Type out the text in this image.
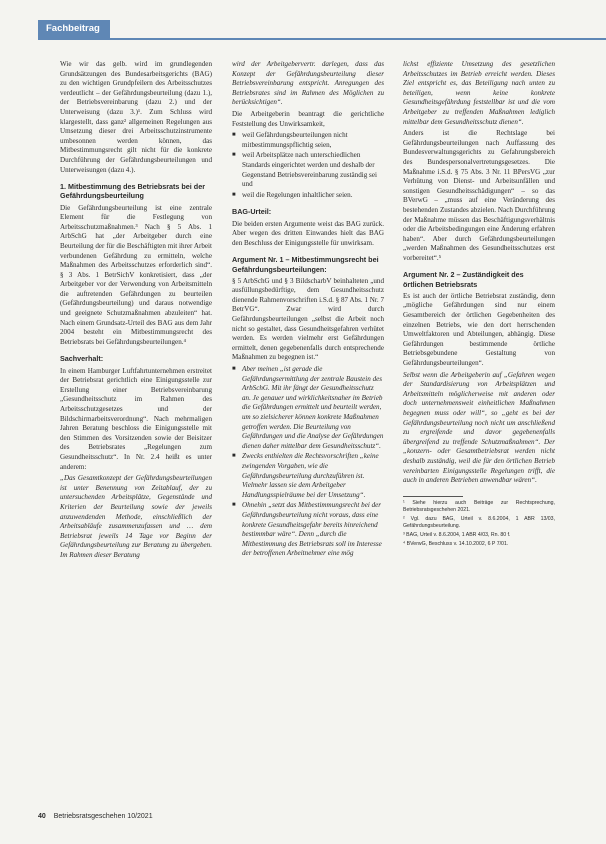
Fachbeitrag

Wie wir das gelb. wird im grundlegenden Grundsätzungen des Bundesarbeitsgerichts (BAG) zu den wichtigen Grundpfeilern des Arbeitsschutzes verdeutlicht – der Gefährdungsbeurteilung (dazu 1.), der Betriebsvereinbarung (dazu 2.) und der Unterweisung (dazu 3.)¹. Zum Schluss wird klargestellt, dass ganz² allgemeinen Regelungen aus Umsetzung dieser drei Arbeitsschutzinstrumente umbesonnen werden können, das Mitbestimmungsrecht gilt nicht für die konkrete Durchführung der Gefährdungsbeurteilungen und Unterweisungen (dazu 4.).

1. Mitbestimmung des Betriebsrats bei der Gefährdungsbeurteilung

Die Gefährdungsbeurteilung ist eine zentrale Element für die Festlegung von Arbeitsschutzmaßnahmen.³ Nach § 5 Abs. 1 ArbSchG hat „der Arbeitgeber durch eine Beurteilung der für die Beschäftigten mit ihrer Arbeit verbundenen Gefährdung zu ermitteln, welche Maßnahmen des Arbeitsschutzes erforderlich sind“. § 3 Abs. 1 BetrSichV konkretisiert, dass „der Arbeitgeber vor der Verwendung von Arbeitsmitteln die auftretenden Gefährdungen zu beurteilen (Gefährdungsbeurteilung) und daraus notwendige und geeignete Schutzmaßnahmen abzuleiten“ hat. Nach einem Grundsatz-Urteil des BAG aus dem Jahr 2004 besteht ein Mitbestimmungsrecht des Betriebsrats bei Gefährdungsbeurteilungen.⁴

Sachverhalt:

In einem Hamburger Luftfahrtunternehmen erstreitet der Betriebsrat gerichtlich eine Einigungsstelle zur Erstellung einer Betriebsvereinbarung „Gesundheitsschutz im Rahmen des Arbeitsschutzgesetzes und der Bildschirmarbeitsverordnung“. Nach mehrmaligen Jahren Beratung beschloss die Einigungsstelle mit den Stimmen des Vorsitzenden sowie der Beisitzer des Betriebsrates „Regelungen zum Gesundheitsschutz“. In Nr. 2.4 heißt es unter anderem:

„Das Gesamtkonzept der Gefährdungsbeurteilungen ist unter Benennung von Zeitablauf, der zu untersuchenden Arbeitsplätze, Gegenstände und Kriterien der Beurteilung sowie der jeweils anzuwendenden Methode, einschließlich der Arbeitsabläufe zusammenzufassen und … dem Betriebsrat jeweils 14 Tage vor Beginn der Gefährdungsbeurteilung zur Beratung zu übergeben. Im Rahmen dieser Beratung

wird der Arbeitgebervertr. darlegen, dass das Konzept der Gefährdungsbeurteilung dieser Betriebsvereinbarung entspricht. Anregungen des Betriebsrates sind im Rahmen des Möglichen zu berücksichtigen“.

Die Arbeitgeberin beantragt die gerichtliche Feststellung des Unwirksamkeit,

■ weil Gefährdungsbeurteilungen nicht mitbestimmungspflichtig seien,
■ weil Arbeitsplätze nach unterschiedlichen Standards eingerichtet werden und deshalb der Gegenstand Betriebsvereinbarung zuständig sei und
■ weil die Regelungen inhaltlicher seien.
BAG-Urteil:

Die beiden ersten Argumente weist das BAG zurück. Aber wegen des dritten Einwandes hielt das BAG den Beschluss der Einigungsstelle für unwirksam.

Argument Nr. 1 – Mitbestimmungsrecht bei Gefährdungsbeurteilungen:

§ 5 ArbSchG und § 3 BildscharbV beinhalteten „und ausfüllungsbedürftige, dem Gesundheitsschutz dienende Rahmenvorschriften i.S.d. § 87 Abs. 1 Nr. 7 BetrVG“. Zwar wird durch Gefährdungsbeurteilungen „selbst die Arbeit noch nicht so gestaltet, dass Gesundheitsgefahren verhütet werden. Es werden vielmehr erst Gefährdungen ermittelt, denen gegebenenfalls durch entsprechende Maßnahmen zu begegnen ist.“

■ Aber meinen „ist gerade die Gefährdungsermittlung der zentrale Baustein des ArbSchG. Mit ihr fängt der Gesundheitsschutz an. Je genauer und wirklichkeitsnaher im Betrieb die Gefährdungen ermittelt und beurteilt werden, um so zielsicherer können konkrete Maßnahmen getroffen werden. Die Beurteilung von Gefährdungen und die Analyse der Gefährdungen dienen daher mittelbar dem Gesundheitsschutz“.
■ Zwecks enthielten die Rechtsvorschriften „keine zwingenden Vorgaben, wie die Gefährdungsbeurteilung durchzuführen ist. Vielmehr lassen sie dem Arbeitgeber Handlungsspielräume bei der Umsetzung“.
■ Ohnehin „setzt das Mitbestimmungsrecht bei der Gefährdungsbeurteilung nicht voraus, dass eine konkrete Gesundheitsgefahr bereits hinreichend bestimmbar wäre“. Denn „durch die Mitbestimmung des Betriebsrats soll im Interesse der betroffenen Arbeitnehmer eine mög

lichst effiziente Umsetzung des gesetzlichen Arbeitsschutzes im Betrieb erreicht werden. Dieses Ziel entspricht es, das Beteiligung nach unten zu beteiligen, wenn keine konkrete Gesundheitsgefährdung feststellbar ist und die vom Arbeitgeber zu treffenden Maßnahmen lediglich mittelbar dem Gesundheitsschutz dienen“.

Anders ist die Rechtslage bei Gefährdungsbeurteilungen nach Auffassung des Bundesverwaltungsgerichts zu Gefahrungsbereich des Bundespersonalvertretungsgesetzes. Die Maßnahme i.S.d. § 75 Abs. 3 Nr. 11 BPersVG „zur Verhütung von Dienst- und Arbeitsunfällen und sonstigen Gesundheitsschädigungen“ – so das BVerwG – „muss auf eine Veränderung des bestehenden Zustandes abzielen. Nach Durchführung der Maßnahme müssen das Beschäftigungsverhältnis oder die Arbeitsbedingungen eine Änderung erfahren haben“. Aber durch Gefährdungsbeurteilungen „werden Maßnahmen des Gesundheitsschutzes erst vorbereitet“.⁵

Argument Nr. 2 – Zuständigkeit des örtlichen Betriebsrats

Es ist auch der örtliche Betriebsrat zuständig, denn „mögliche Gefährdungen sind nur einem Gesamtbereich der örtlichen Gegebenheiten des einzelnen Betriebs, wie den dort herrschenden Umweltfaktoren und Abteilungen, abhängig. Diese Gefährdungen bestimmende örtliche Betriebsgebundene Gestaltung von Gefährdungsbeurteilungen“.

Selbst wenn die Arbeitgeberin auf „Gefahren wegen der Standardisierung von Arbeitsplätzen und Arbeitsmitteln möglicherweise mit anderen oder doch unternehmensweit einheitlichen Maßnahmen begegnen muss oder will“, so „geht es bei der Gefährdungsbeurteilung noch nicht um anschließend zu ergreifende und davor gegebenenfalls übergreifend zu treffende Schutzmaßnahmen“. Der „konzern- oder Gesamtbetriebsrat werden nicht deshalb zuständig, weil die für den örtlichen Betrieb vereinbarten Einigungsstelle Regelungen trifft, die auch in anderen Betrieben anwendbar wären“.

¹ Siehe hierzu auch Beiträge zur Rechtsprechung, Betriebsratsgeschehen 2021.

² Vgl. dazu BAG, Urteil v. 8.6.2004, 1 ABR 13/03, Gefährdungsbeurteilung.

³ BAG, Urteil v. 8.6.2004, 1 ABR 4/03, Rn. 80 f.

⁴ BVerwG, Beschluss v. 14.10.2002, 6 P 7/01.

40 Betriebsratsgeschehen 10/2021
